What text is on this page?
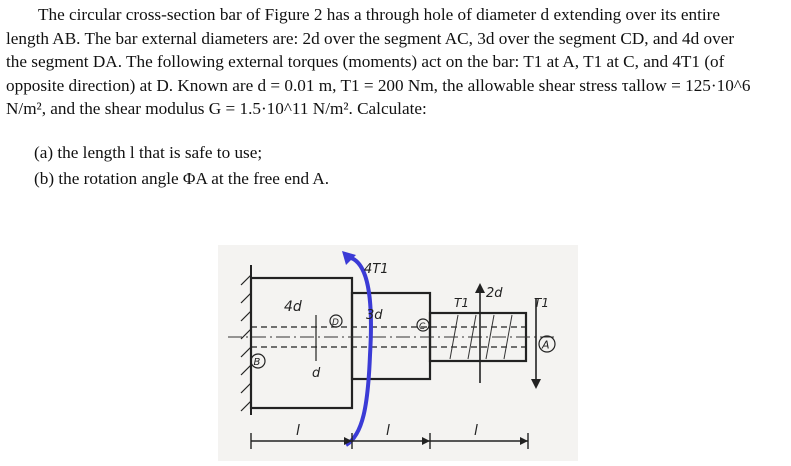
The circular cross-section bar of Figure 2 has a through hole of diameter d extending over its entire
length AB. The bar external diameters are: 2d over the segment AC, 3d over the segment CD, and 4d over
the segment DA. The following external torques (moments) act on the bar: T1 at A, T1 at C, and 4T1 (of
opposite direction) at D. Known are d = 0.01 m, T1 = 200 Nm, the allowable shear stress τallow = 125·10^6
N/m², and the shear modulus G = 1.5·10^11 N/m². Calculate:
(a) the length l that is safe to use;
(b) the rotation angle ΦA at the free end A.
4T1
T1	T1
4d
3d
2d
d
B
D	C
A
l	l	l
